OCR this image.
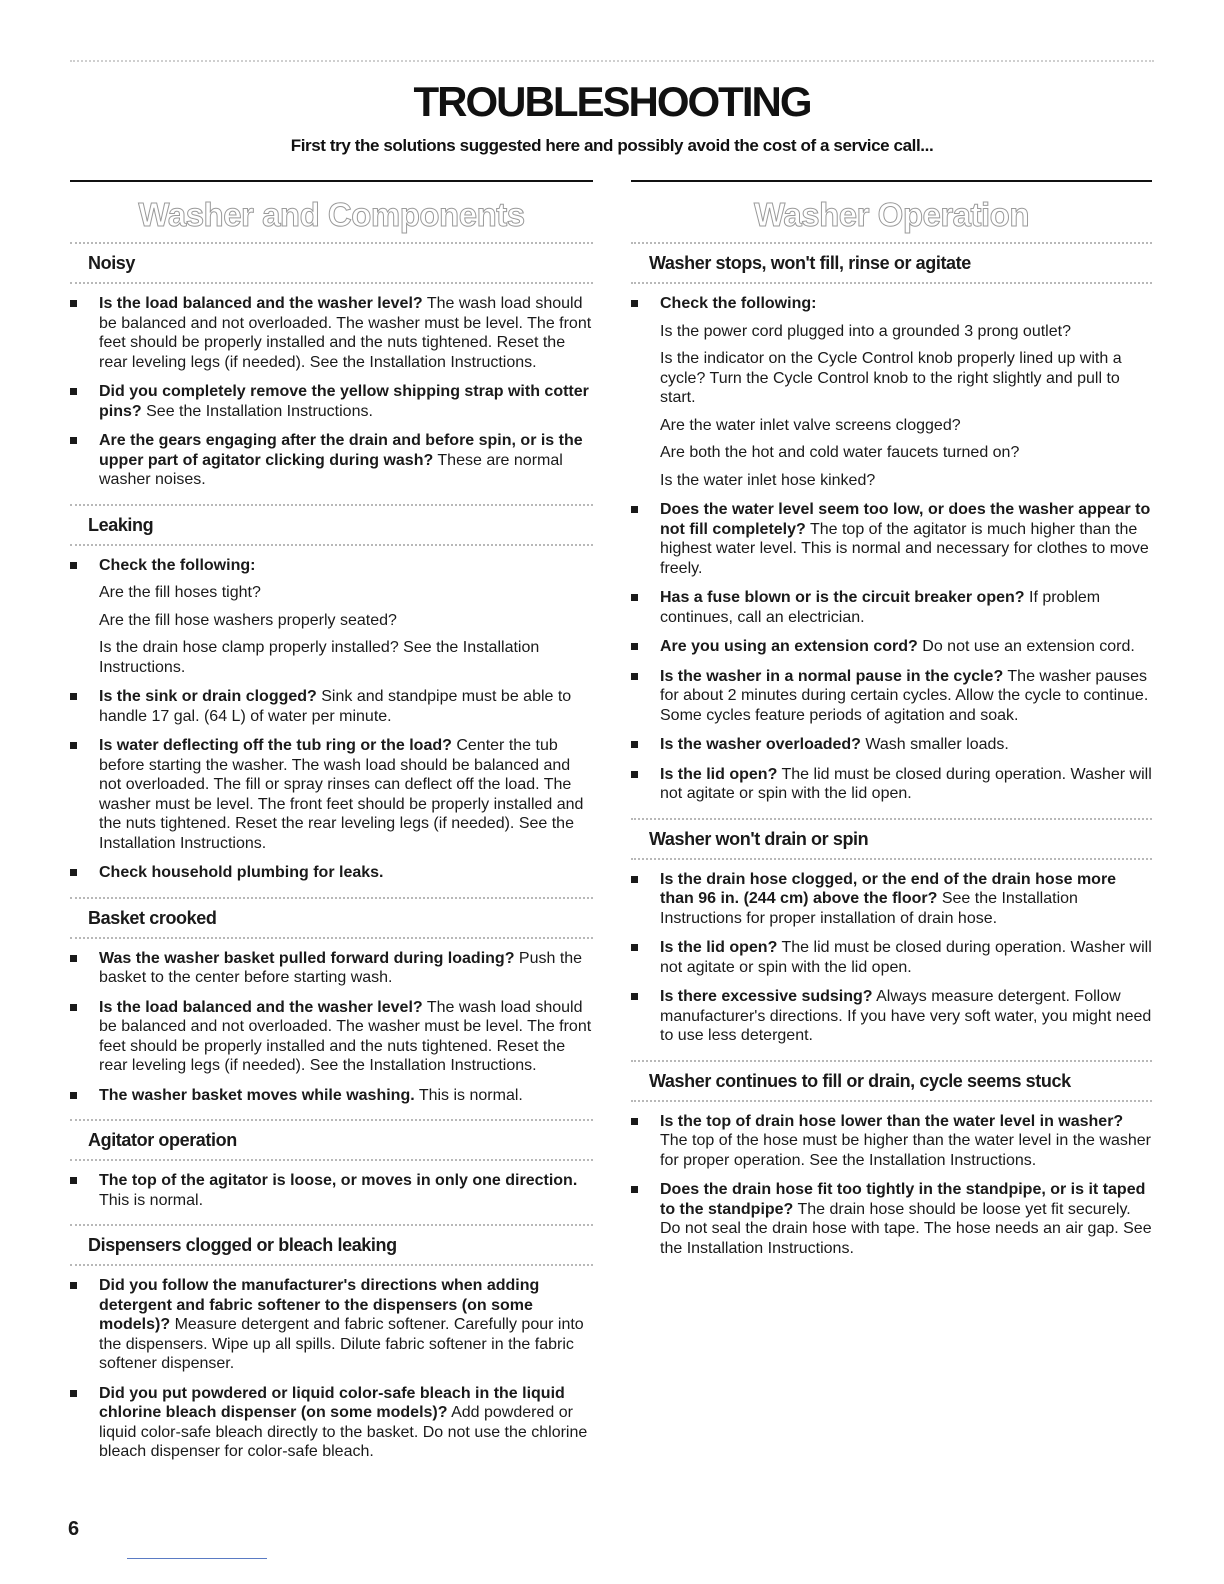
TROUBLESHOOTING
First try the solutions suggested here and possibly avoid the cost of a service call...
Washer and Components
Noisy
Is the load balanced and the washer level? The wash load should be balanced and not overloaded. The washer must be level. The front feet should be properly installed and the nuts tightened. Reset the rear leveling legs (if needed). See the Installation Instructions.
Did you completely remove the yellow shipping strap with cotter pins? See the Installation Instructions.
Are the gears engaging after the drain and before spin, or is the upper part of agitator clicking during wash? These are normal washer noises.
Leaking
Check the following:
Are the fill hoses tight?
Are the fill hose washers properly seated?
Is the drain hose clamp properly installed? See the Installation Instructions.
Is the sink or drain clogged? Sink and standpipe must be able to handle 17 gal. (64 L) of water per minute.
Is water deflecting off the tub ring or the load? Center the tub before starting the washer. The wash load should be balanced and not overloaded. The fill or spray rinses can deflect off the load. The washer must be level. The front feet should be properly installed and the nuts tightened. Reset the rear leveling legs (if needed). See the Installation Instructions.
Check household plumbing for leaks.
Basket crooked
Was the washer basket pulled forward during loading? Push the basket to the center before starting wash.
Is the load balanced and the washer level? The wash load should be balanced and not overloaded. The washer must be level. The front feet should be properly installed and the nuts tightened. Reset the rear leveling legs (if needed). See the Installation Instructions.
The washer basket moves while washing. This is normal.
Agitator operation
The top of the agitator is loose, or moves in only one direction. This is normal.
Dispensers clogged or bleach leaking
Did you follow the manufacturer's directions when adding detergent and fabric softener to the dispensers (on some models)? Measure detergent and fabric softener. Carefully pour into the dispensers. Wipe up all spills. Dilute fabric softener in the fabric softener dispenser.
Did you put powdered or liquid color-safe bleach in the liquid chlorine bleach dispenser (on some models)? Add powdered or liquid color-safe bleach directly to the basket. Do not use the chlorine bleach dispenser for color-safe bleach.
Washer Operation
Washer stops, won't fill, rinse or agitate
Check the following:
Is the power cord plugged into a grounded 3 prong outlet?
Is the indicator on the Cycle Control knob properly lined up with a cycle? Turn the Cycle Control knob to the right slightly and pull to start.
Are the water inlet valve screens clogged?
Are both the hot and cold water faucets turned on?
Is the water inlet hose kinked?
Does the water level seem too low, or does the washer appear to not fill completely? The top of the agitator is much higher than the highest water level. This is normal and necessary for clothes to move freely.
Has a fuse blown or is the circuit breaker open? If problem continues, call an electrician.
Are you using an extension cord? Do not use an extension cord.
Is the washer in a normal pause in the cycle? The washer pauses for about 2 minutes during certain cycles. Allow the cycle to continue. Some cycles feature periods of agitation and soak.
Is the washer overloaded? Wash smaller loads.
Is the lid open? The lid must be closed during operation. Washer will not agitate or spin with the lid open.
Washer won't drain or spin
Is the drain hose clogged, or the end of the drain hose more than 96 in. (244 cm) above the floor? See the Installation Instructions for proper installation of drain hose.
Is the lid open? The lid must be closed during operation. Washer will not agitate or spin with the lid open.
Is there excessive sudsing? Always measure detergent. Follow manufacturer's directions. If you have very soft water, you might need to use less detergent.
Washer continues to fill or drain, cycle seems stuck
Is the top of drain hose lower than the water level in washer? The top of the hose must be higher than the water level in the washer for proper operation. See the Installation Instructions.
Does the drain hose fit too tightly in the standpipe, or is it taped to the standpipe? The drain hose should be loose yet fit securely. Do not seal the drain hose with tape. The hose needs an air gap. See the Installation Instructions.
6
